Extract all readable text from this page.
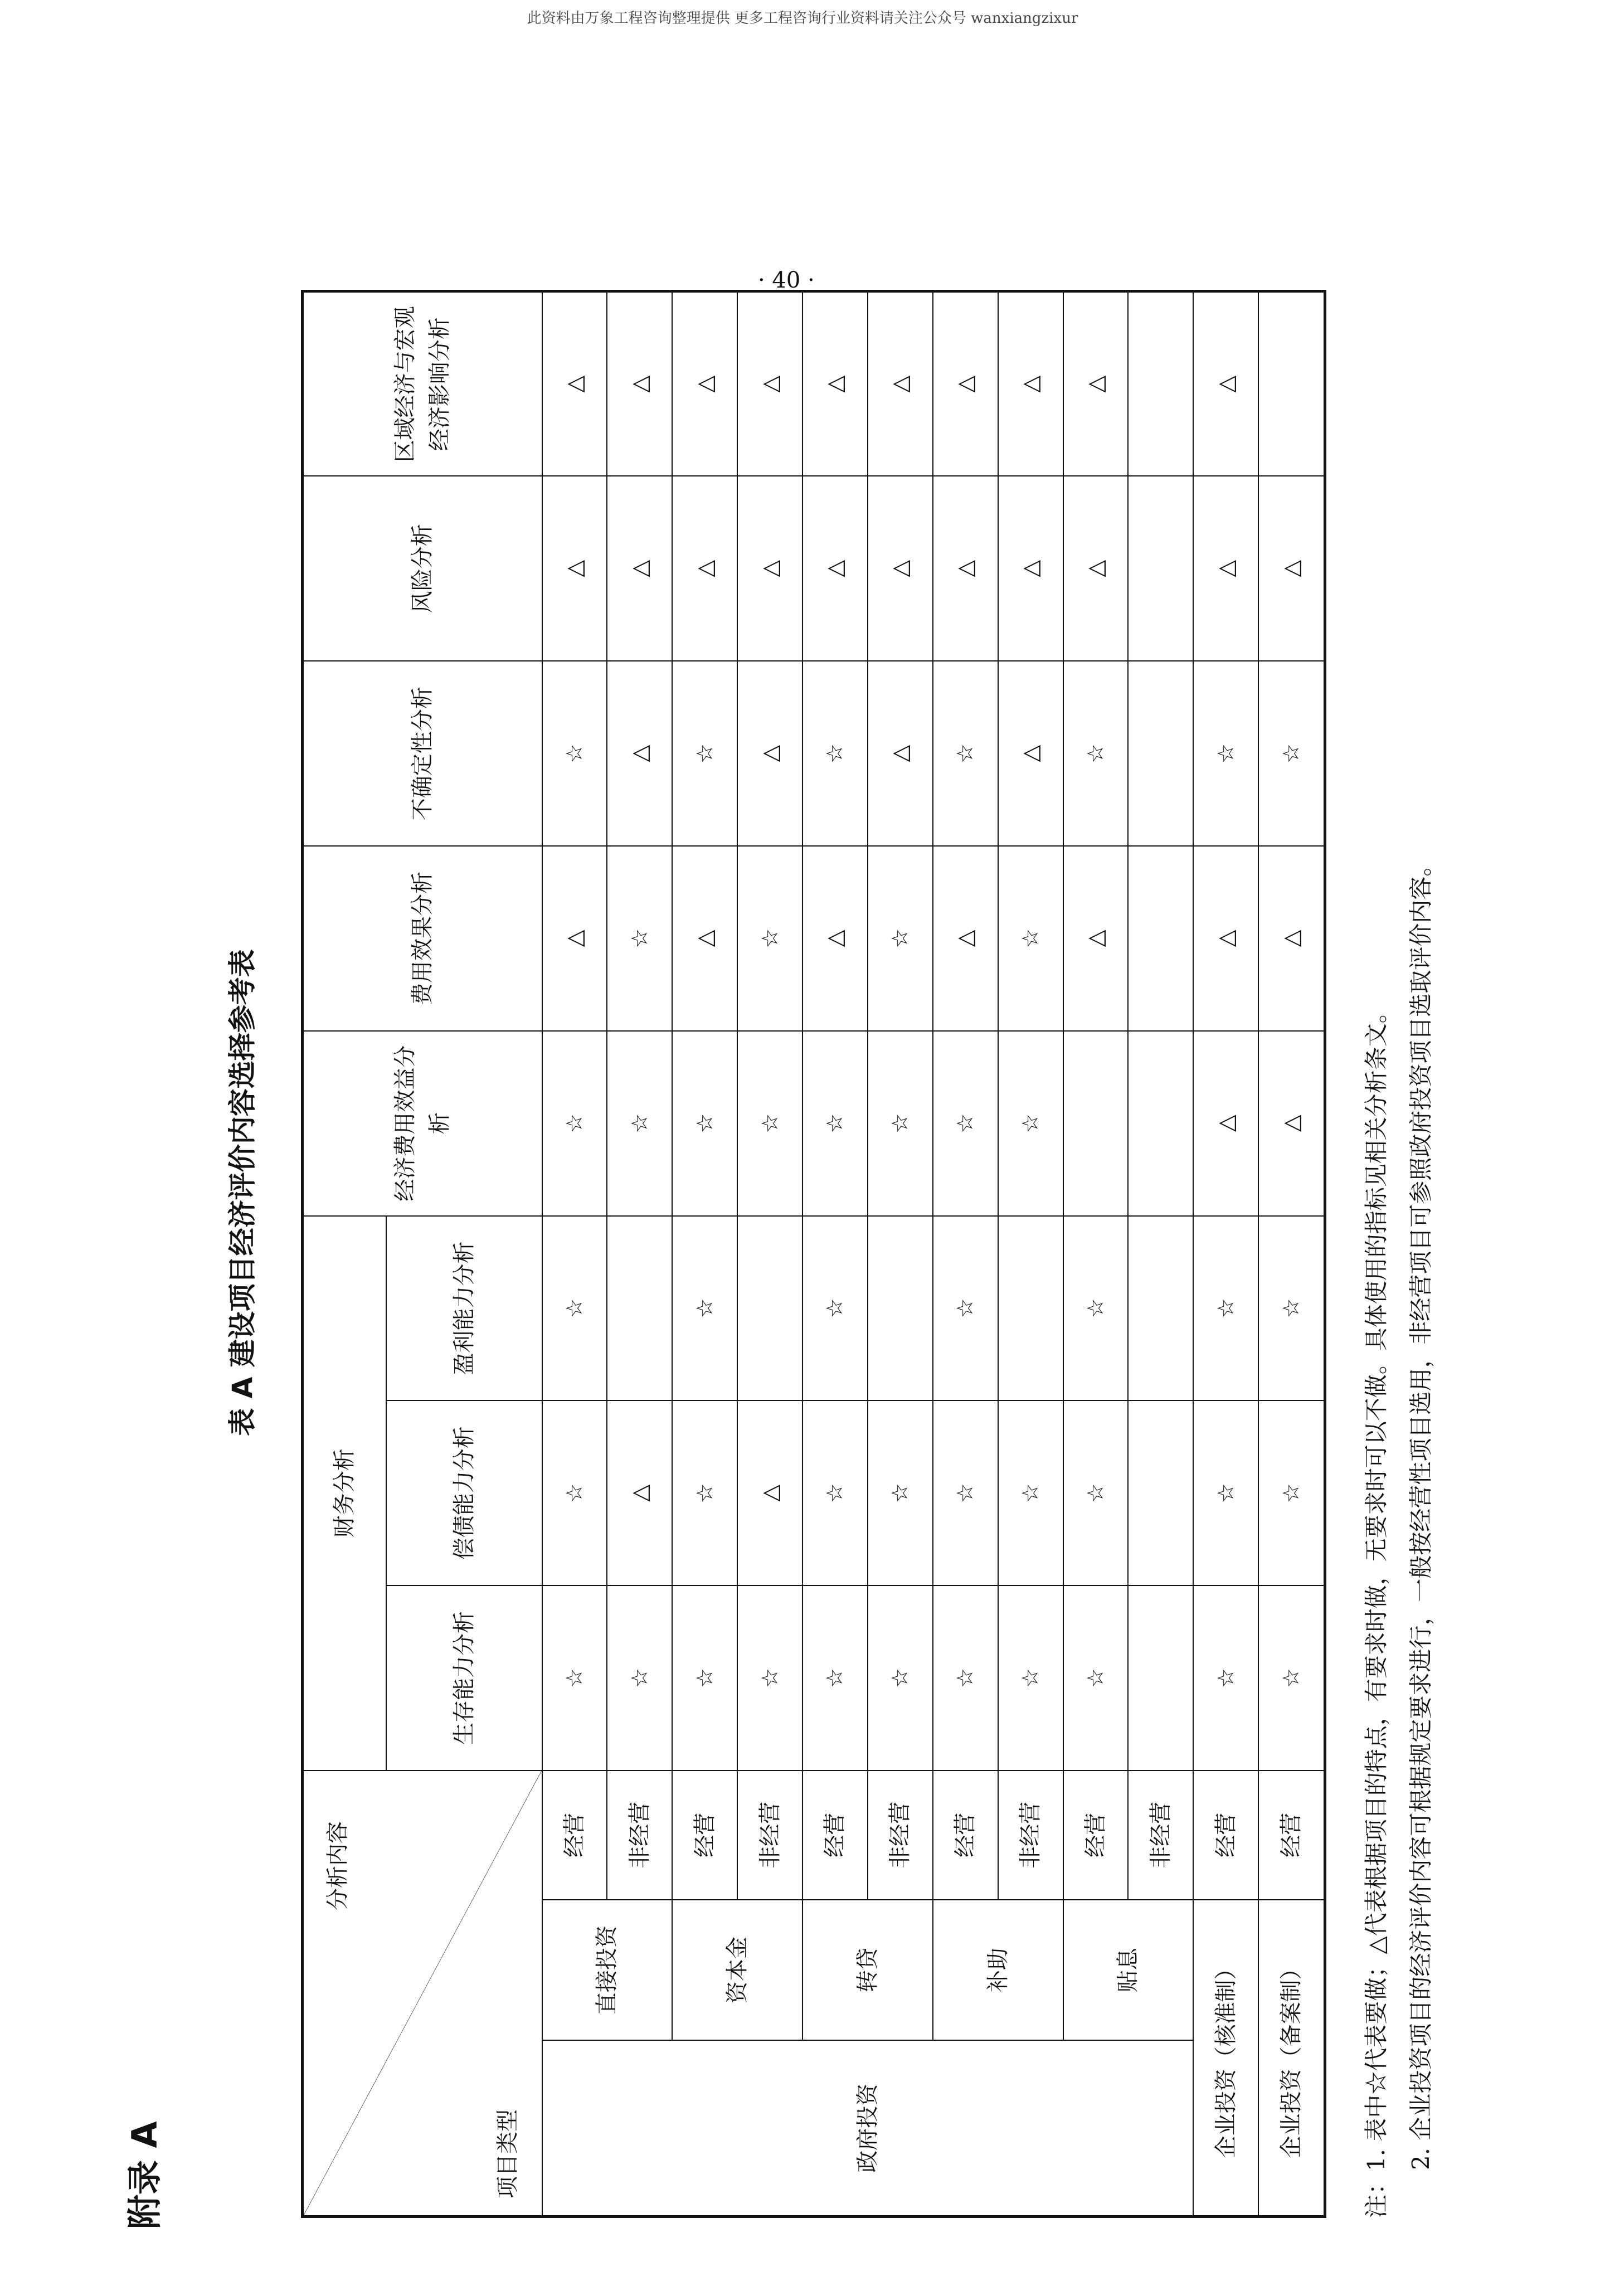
此资料由万象工程咨询整理提供 更多工程咨询行业资料请关注公众号 wanxiangzixur
附录 A
表 A 建设项目经济评价内容选择参考表
分析内容
项目类型			财务分析			经济费用效益分析	费用效果分析	不确定性分析	风险分析	区域经济与宏观经济影响分析
			生存能力分析	偿债能力分析	盈利能力分析					
政府投资	直接投资	经营	☆	☆	☆	☆	△	☆	△	△
		非经营	☆	△		☆	☆	△	△	△
	资本金	经营	☆	☆	☆	☆	△	☆	△	△
		非经营	☆	△		☆	☆	△	△	△
	转贷	经营	☆	☆	☆	☆	△	☆	△	△
		非经营	☆	☆		☆	☆	△	△	△
	补助	经营	☆	☆	☆	☆	△	☆	△	△
		非经营	☆	☆		☆	☆	△	△	△
	贴息	经营	☆	☆	☆		△	☆	△	△
		非经营								
企业投资（核准制）		经营	☆	☆	☆	△	△	☆	△	△
企业投资（备案制）		经营	☆	☆	☆	△	△	☆	△	
注：1. 表中☆代表要做；△代表根据项目的特点，有要求时做，无要求时可以不做。具体使用的指标见相关分析条文。 2. 企业投资项目的经济评价内容可根据规定要求进行，一般按经营性项目选用，非经营项目可参照政府投资项目选取评价内容。
· 40 ·
